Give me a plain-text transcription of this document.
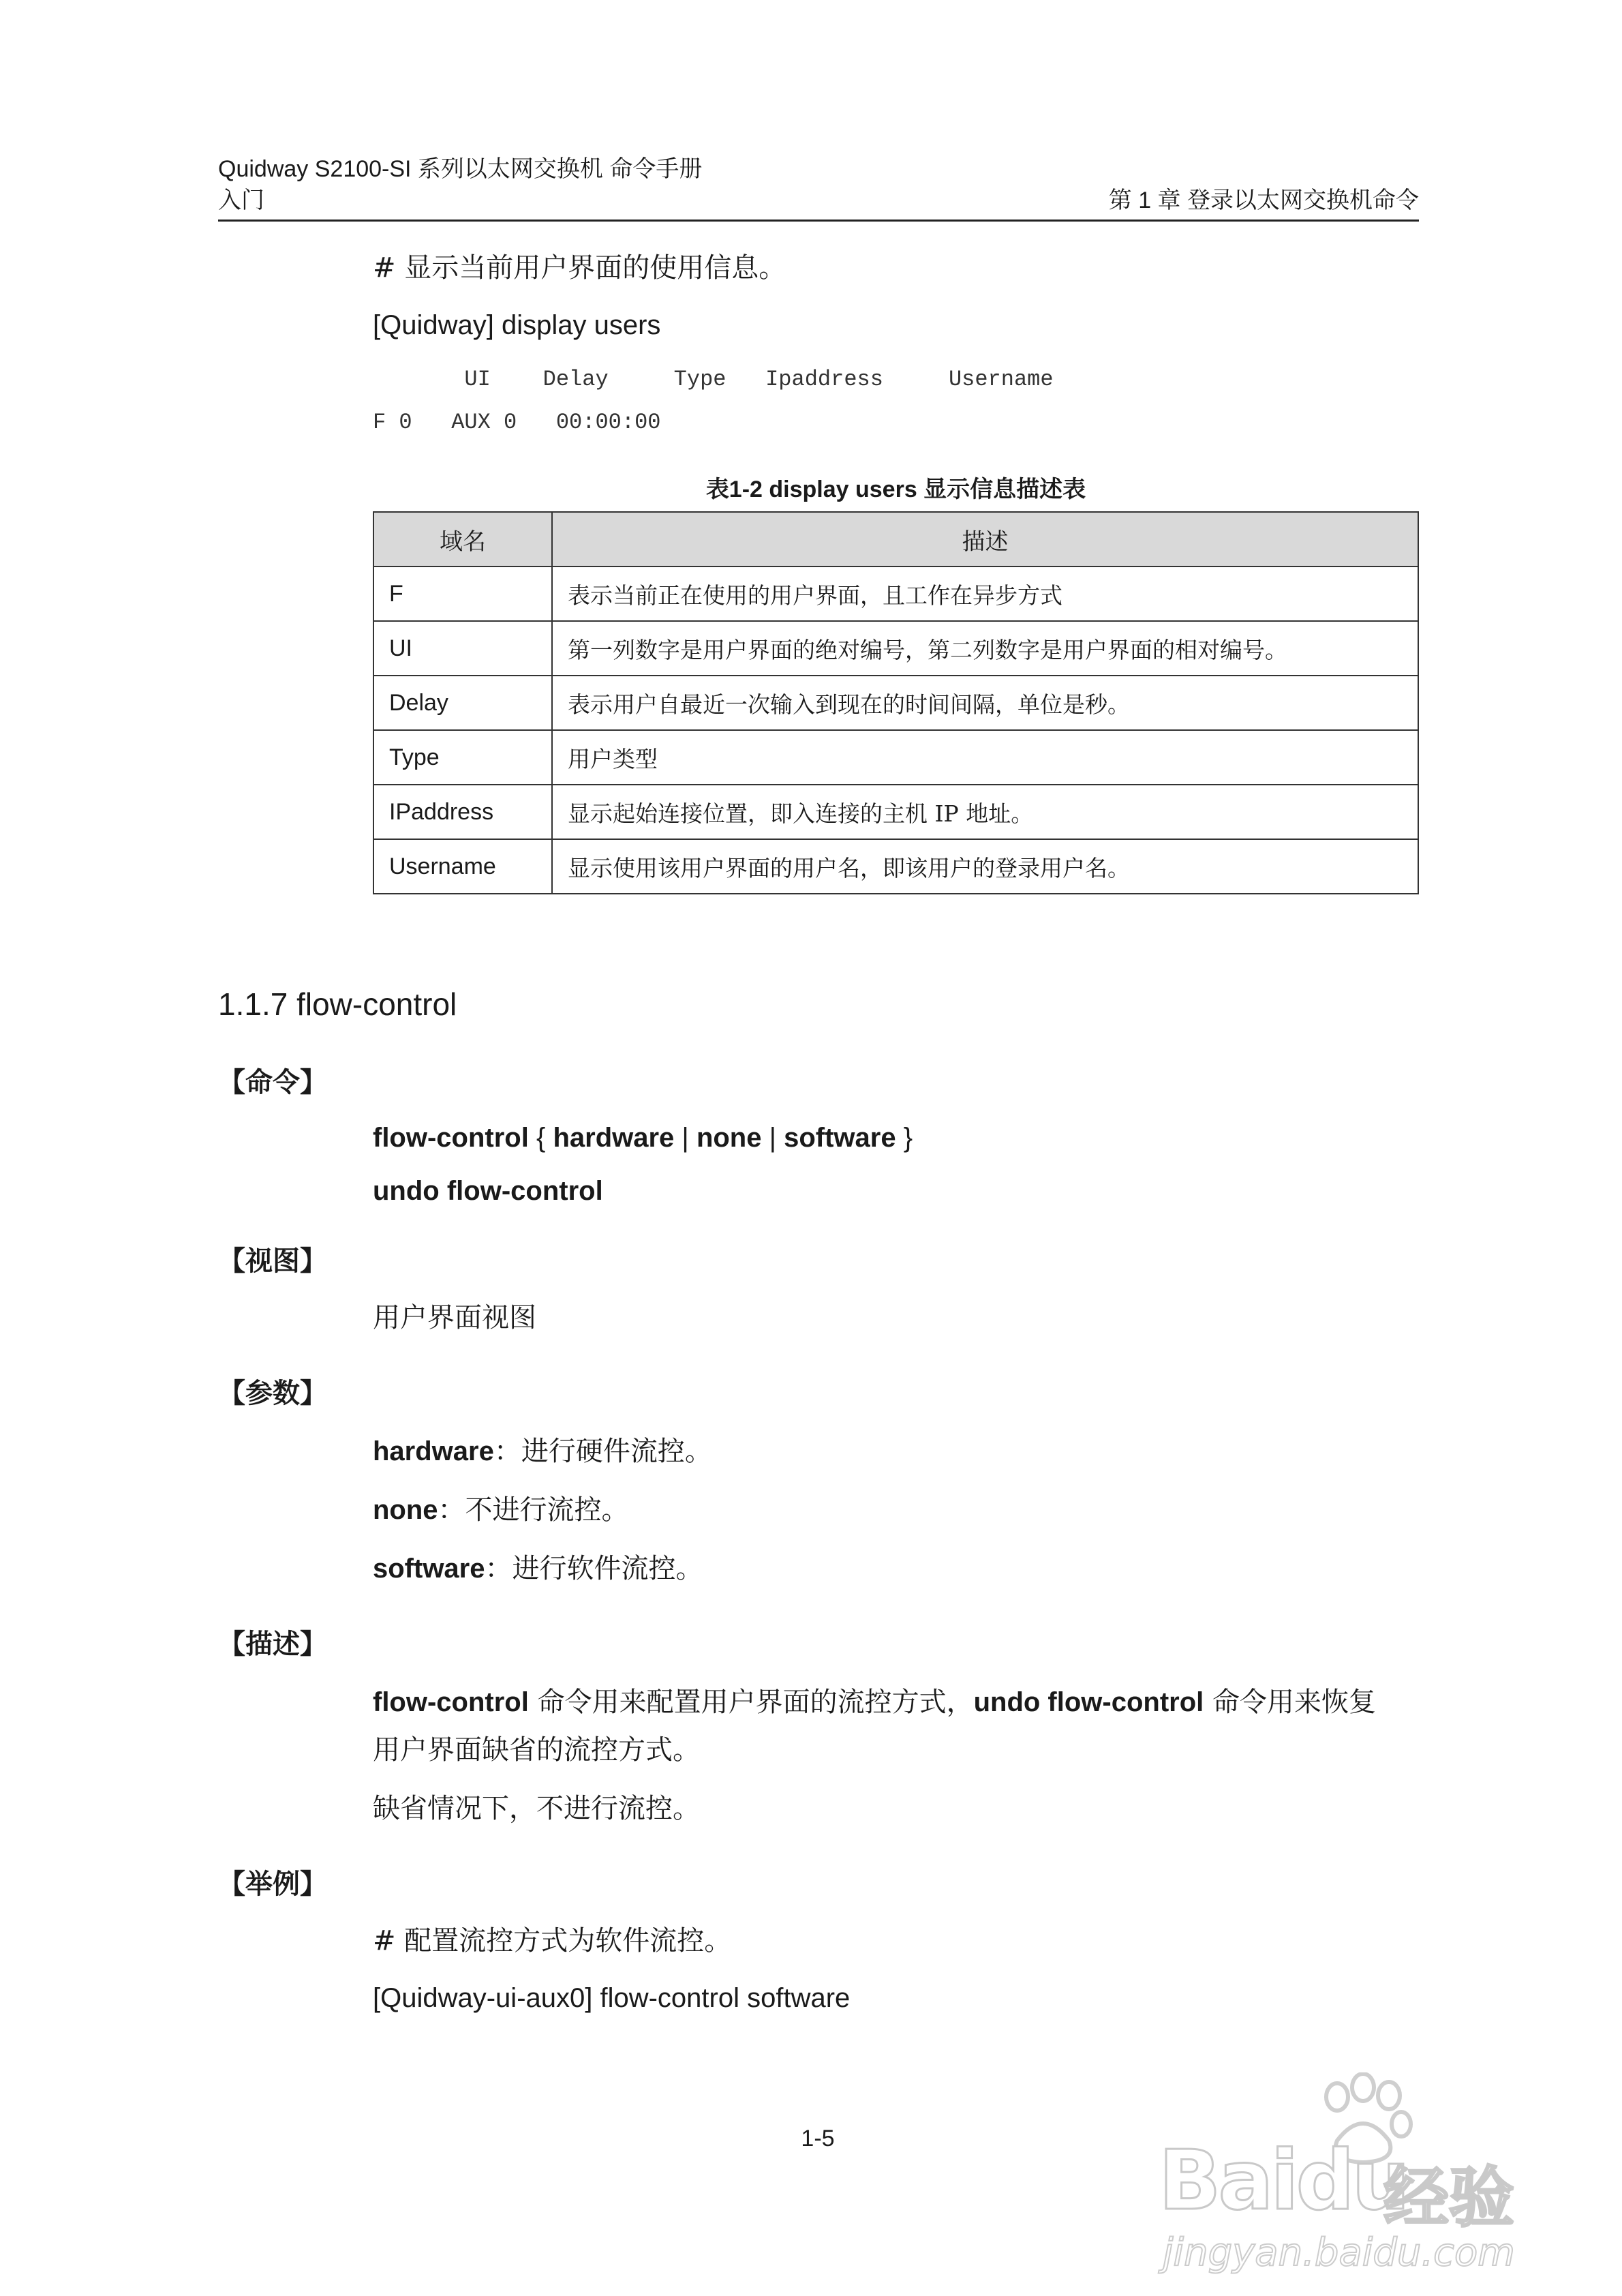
Quidway S2100-SI 系列以太网交换机 命令手册
入门	第 1 章 登录以太网交换机命令
# 显示当前用户界面的使用信息。
[Quidway] display users
UI    Delay     Type   Ipaddress     Username
F 0   AUX 0   00:00:00
表1-2 display users 显示信息描述表
域名	描述
F	表示当前正在使用的用户界面，且工作在异步方式
UI	第一列数字是用户界面的绝对编号，第二列数字是用户界面的相对编号。
Delay	表示用户自最近一次输入到现在的时间间隔，单位是秒。
Type	用户类型
IPaddress	显示起始连接位置，即入连接的主机 IP 地址。
Username	显示使用该用户界面的用户名，即该用户的登录用户名。
1.1.7 flow-control
【命令】
flow-control { hardware | none | software }
undo flow-control
【视图】
用户界面视图
【参数】
hardware：进行硬件流控。
none：不进行流控。
software：进行软件流控。
【描述】
flow-control 命令用来配置用户界面的流控方式，undo flow-control 命令用来恢复
用户界面缺省的流控方式。
缺省情况下，不进行流控。
【举例】
# 配置流控方式为软件流控。
[Quidway-ui-aux0] flow-control software
1-5	Baidu
经验
jingyan.baidu.com
